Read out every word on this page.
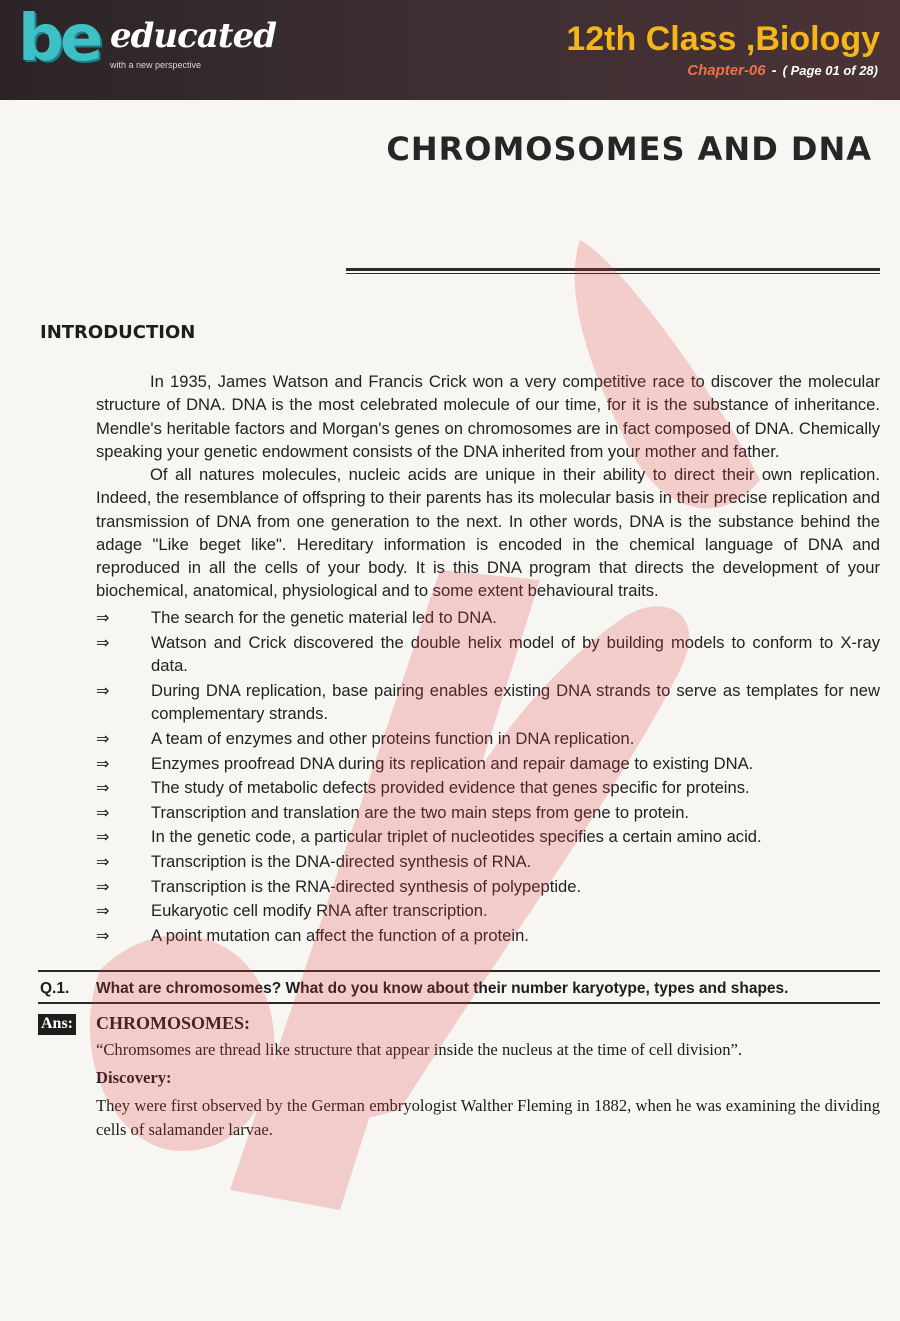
be educated
with a new perspective
12th Class ,Biology
Chapter-06 - ( Page 01 of 28)
CHROMOSOMES AND DNA
INTRODUCTION
In 1935, James Watson and Francis Crick won a very competitive race to discover the molecular structure of DNA. DNA is the most celebrated molecule of our time, for it is the substance of inheritance. Mendle's heritable factors and Morgan's genes on chromosomes are in fact composed of DNA. Chemically speaking your genetic endowment consists of the DNA inherited from your mother and father.
Of all natures molecules, nucleic acids are unique in their ability to direct their own replication. Indeed, the resemblance of offspring to their parents has its molecular basis in their precise replication and transmission of DNA from one generation to the next. In other words, DNA is the substance behind the adage "Like beget like". Hereditary information is encoded in the chemical language of DNA and reproduced in all the cells of your body. It is this DNA program that directs the development of your biochemical, anatomical, physiological and to some extent behavioural traits.
⇒	The search for the genetic material led to DNA.
⇒	Watson and Crick discovered the double helix model of by building models to conform to X-ray data.
⇒	During DNA replication, base pairing enables existing DNA strands to serve as templates for new complementary strands.
⇒	A team of enzymes and other proteins function in DNA replication.
⇒	Enzymes proofread DNA during its replication and repair damage to existing DNA.
⇒	The study of metabolic defects provided evidence that genes specific for proteins.
⇒	Transcription and translation are the two main steps from gene to protein.
⇒	In the genetic code, a particular triplet of nucleotides specifies a certain amino acid.
⇒	Transcription is the DNA-directed synthesis of RNA.
⇒	Transcription is the RNA-directed synthesis of polypeptide.
⇒	Eukaryotic cell modify RNA after transcription.
⇒	A point mutation can affect the function of a protein.
Q.1. What are chromosomes? What do you know about their number karyotype, types and shapes.
Ans: CHROMOSOMES:
“Chromsomes are thread like structure that appear inside the nucleus at the time of cell division”.
Discovery:
They were first observed by the German embryologist Walther Fleming in 1882, when he was examining the dividing cells of salamander larvae.
